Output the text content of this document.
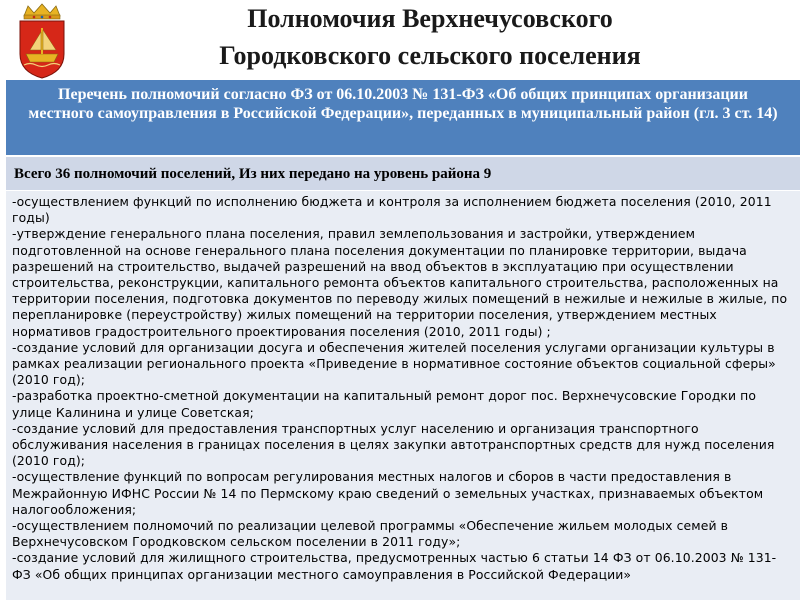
Полномочия Верхнечусовского
Городковского сельского поселения
Перечень полномочий согласно ФЗ от 06.10.2003 № 131-ФЗ «Об общих принципах организации местного самоуправления в Российской Федерации», переданных в муниципальный район (гл. 3 ст. 14)
Всего 36 полномочий поселений, Из них передано на уровень района 9

-осуществлением функций по исполнению бюджета и контроля за исполнением бюджета поселения (2010, 2011 годы)

-утверждение генерального плана поселения, правил землепользования и застройки, утверждением подготовленной на основе генерального плана поселения документации по планировке территории, выдача разрешений на строительство, выдачей разрешений на ввод объектов в эксплуатацию при осуществлении строительства, реконструкции, капитального ремонта объектов капитального строительства, расположенных на территории поселения, подготовка документов по переводу жилых помещений в нежилые и нежилые в жилые, по перепланировке (переустройству) жилых помещений на территории поселения, утверждением местных нормативов градостроительного проектирования поселения (2010, 2011 годы) ;

-создание условий для организации досуга и обеспечения жителей поселения услугами организации культуры в рамках реализации регионального проекта «Приведение в нормативное состояние объектов социальной сферы» (2010 год);

-разработка проектно-сметной документации на капитальный ремонт дорог пос. Верхнечусовские Городки по улице Калинина и улице Советская;

-создание условий для предоставления транспортных услуг населению и организация транспортного обслуживания населения в границах поселения в целях закупки автотранспортных средств для нужд поселения (2010 год);

-осуществление функций по вопросам регулирования местных налогов и сборов в части предоставления в Межрайонную ИФНС России № 14 по Пермскому краю сведений о земельных участках, признаваемых объектом налогообложения;

-осуществлением полномочий по реализации целевой программы «Обеспечение жильем молодых семей в Верхнечусовском Городковском сельском поселении в 2011 году»;

-создание условий для жилищного строительства, предусмотренных частью 6 статьи 14 ФЗ от 06.10.2003 № 131-ФЗ «Об общих принципах организации местного самоуправления в Российской Федерации»
